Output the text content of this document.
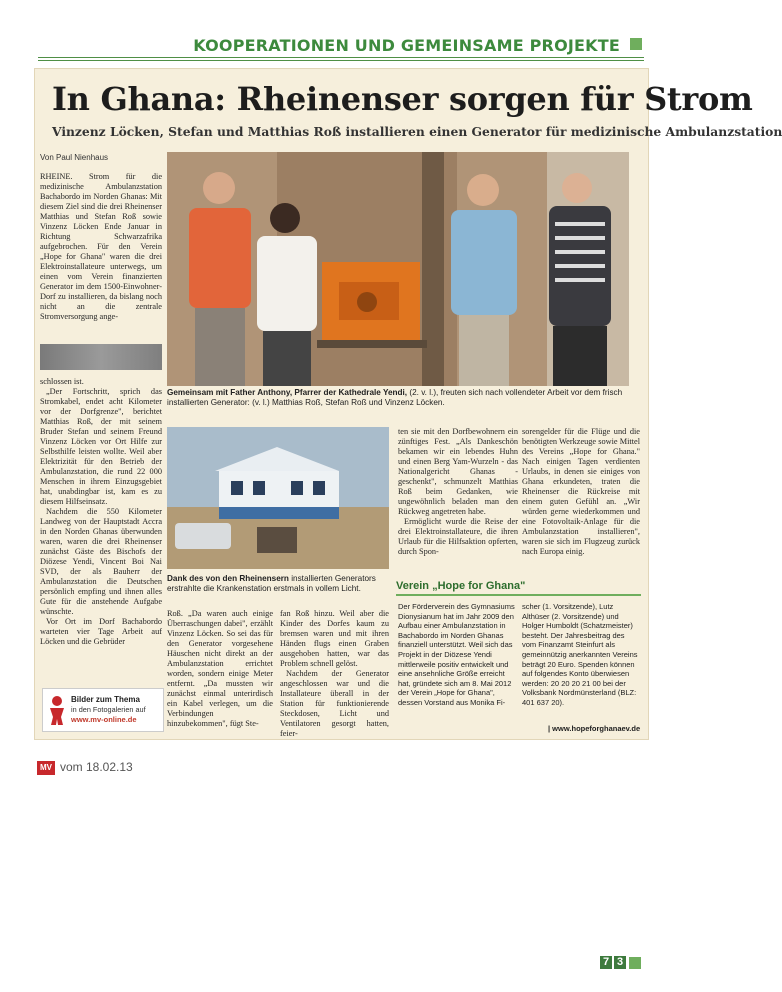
KOOPERATIONEN UND GEMEINSAME PROJEKTE
In Ghana: Rheinenser sorgen für Strom
Vinzenz Löcken, Stefan und Matthias Roß installieren einen Generator für medizinische Ambulanzstation
Von Paul Nienhaus

RHEINE. Strom für die medizinische Ambulanzstation Bachabordo im Norden Ghanas: Mit diesem Ziel sind die drei Rheinenser Matthias und Stefan Roß sowie Vinzenz Löcken Ende Januar in Richtung Schwarzafrika aufgebrochen. Für den Verein „Hope for Ghana" waren die drei Elektroinstallateure unterwegs, um einen vom Verein finanzierten Generator im dem 1500-Einwohner-Dorf zu installieren, da bislang noch nicht an die zentrale Stromversorgung ange-

schlossen ist.

„Der Fortschritt, sprich das Stromkabel, endet acht Kilometer vor der Dorfgrenze", berichtet Matthias Roß, der mit seinem Bruder Stefan und seinem Freund Vinzenz Löcken vor Ort Hilfe zur Selbsthilfe leisten wollte. Weil aber Elektrizität für den Betrieb der Ambulanzstation, die rund 22 000 Menschen in ihrem Einzugsgebiet hat, unabdingbar ist, kam es zu diesem Hilfseinsatz.

Nachdem die 550 Kilometer Landweg von der Hauptstadt Accra in den Norden Ghanas überwunden waren, waren die drei Rheinenser zunächst Gäste des Bischofs der Diözese Yendi, Vincent Boi Nai SVD, der als Bauherr der Ambulanzstation die Deutschen persönlich empfing und ihnen alles Gute für die anstehende Aufgabe wünschte.

Vor Ort im Dorf Bachabordo warteten vier Tage Arbeit auf Löcken und die Gebrüder

Gemeinsam mit Father Anthony, Pfarrer der Kathedrale Yendi, (2. v. l.), freuten sich nach vollendeter Arbeit vor dem frisch installierten Generator: (v. l.) Matthias Roß, Stefan Roß und Vinzenz Löcken.
Dank des von den Rheinensern installierten Generators erstrahlte die Krankenstation erstmals in vollem Licht.

Roß. „Da waren auch einige Überraschungen dabei", erzählt Vinzenz Löcken. So sei das für den Generator vorgesehene Häuschen nicht direkt an der Ambulanzstation errichtet worden, sondern einige Meter entfernt. „Da mussten wir zunächst einmal unterirdisch ein Kabel verlegen, um die Verbindungen hinzubekommen", fügt Ste-

fan Roß hinzu. Weil aber die Kinder des Dorfes kaum zu bremsen waren und mit ihren Händen flugs einen Graben ausgehoben hatten, war das Problem schnell gelöst.

Nachdem der Generator angeschlossen war und die Installateure überall in der Station für funktionierende Steckdosen, Licht und Ventilatoren gesorgt hatten, feier-

ten sie mit den Dorfbewohnern ein zünftiges Fest. „Als Dankeschön bekamen wir ein lebendes Huhn und einen Berg Yam-Wurzeln - das Nationalgericht Ghanas - geschenkt", schmunzelt Matthias Roß beim Gedanken, wie ungewöhnlich beladen man den Rückweg angetreten habe.

Ermöglicht wurde die Reise der drei Elektroinstallateure, die ihren Urlaub für die Hilfsaktion opferten, durch Spon-

sorengelder für die Flüge und die benötigten Werkzeuge sowie Mittel des Vereins „Hope for Ghana." Nach einigen Tagen verdienten Urlaubs, in denen sie einiges von Ghana erkundeten, traten die Rheinenser die Rückreise mit einem guten Gefühl an. „Wir würden gerne wiederkommen und eine Fotovoltaik-Anlage für die Ambulanzstation installieren", waren sie sich im Flugzeug zurück nach Europa einig.

Verein „Hope for Ghana"

Der Förderverein des Gymnasiums Dionysianum hat im Jahr 2009 den Aufbau einer Ambulanzstation in Bachabordo im Norden Ghanas finanziell unterstützt. Weil sich das Projekt in der Diözese Yendi mittlerweile positiv entwickelt und eine ansehnliche Größe erreicht hat, gründete sich am 8. Mai 2012 der Verein „Hope for Ghana", dessen Vorstand aus Monika Fi-

scher (1. Vorsitzende), Lutz Althüser (2. Vorsitzende) und Holger Humboldt (Schatzmeister) besteht. Der Jahresbeitrag des vom Finanzamt Steinfurt als gemeinnützig anerkannten Vereins beträgt 20 Euro. Spenden können auf folgendes Konto überwiesen werden: 20 20 20 21 00 bei der Volksbank Nordmünsterland (BLZ: 401 637 20).

| www.hopeforghanaev.de
Bilder zum Thema
in den Fotogalerien auf
www.mv-online.de
MV vom 18.02.13
7 3
